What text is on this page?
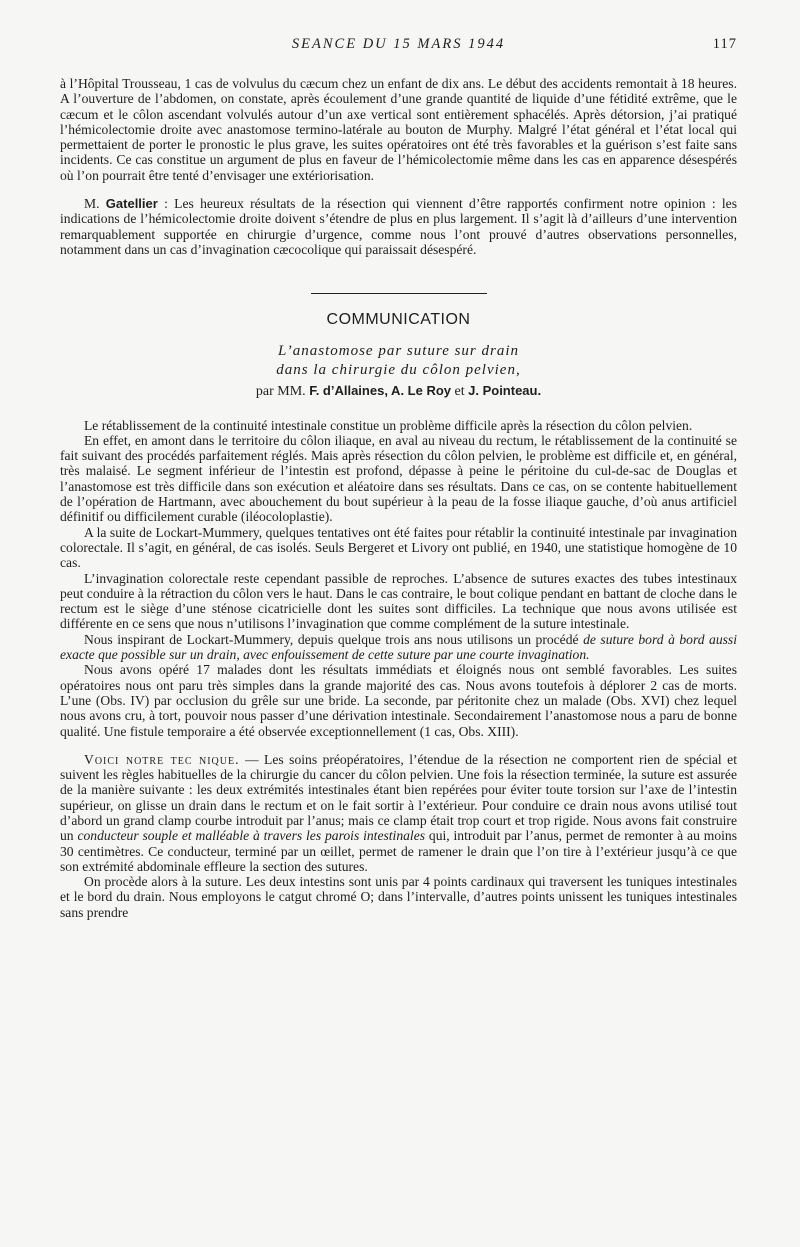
SEANCE DU 15 MARS 1944	117

à l’Hôpital Trousseau, 1 cas de volvulus du cæcum chez un enfant de dix ans. Le début des accidents remontait à 18 heures. A l’ouverture de l’abdomen, on constate, après écoulement d’une grande quantité de liquide d’une fétidité extrême, que le cæcum et le côlon ascendant volvulés autour d’un axe vertical sont entièrement sphacélés. Après détorsion, j’ai pratiqué l’hémicolectomie droite avec anastomose termino-latérale au bouton de Murphy. Malgré l’état général et l’état local qui permettaient de porter le pronostic le plus grave, les suites opératoires ont été très favorables et la guérison s’est faite sans incidents. Ce cas constitue un argument de plus en faveur de l’hémicolectomie même dans les cas en apparence désespérés où l’on pourrait être tenté d’envisager une extériorisation.

M. Gatellier : Les heureux résultats de la résection qui viennent d’être rapportés confirment notre opinion : les indications de l’hémicolectomie droite doivent s’étendre de plus en plus largement. Il s’agit là d’ailleurs d’une intervention remarquablement supportée en chirurgie d’urgence, comme nous l’ont prouvé d’autres observations personnelles, notamment dans un cas d’invagination cæcocolique qui paraissait désespéré.

COMMUNICATION
L’anastomose par suture sur drain
dans la chirurgie du côlon pelvien,
par MM. F. d’Allaines, A. Le Roy et J. Pointeau.

Le rétablissement de la continuité intestinale constitue un problème difficile après la résection du côlon pelvien.

En effet, en amont dans le territoire du côlon iliaque, en aval au niveau du rectum, le rétablissement de la continuité se fait suivant des procédés parfaitement réglés. Mais après résection du côlon pelvien, le problème est difficile et, en général, très malaisé. Le segment inférieur de l’intestin est profond, dépasse à peine le péritoine du cul-de-sac de Douglas et l’anastomose est très difficile dans son exécution et aléatoire dans ses résultats. Dans ce cas, on se contente habituellement de l’opération de Hartmann, avec abouchement du bout supérieur à la peau de la fosse iliaque gauche, d’où anus artificiel définitif ou difficilement curable (iléocoloplastie).

A la suite de Lockart-Mummery, quelques tentatives ont été faites pour rétablir la continuité intestinale par invagination colorectale. Il s’agit, en général, de cas isolés. Seuls Bergeret et Livory ont publié, en 1940, une statistique homogène de 10 cas.

L’invagination colorectale reste cependant passible de reproches. L’absence de sutures exactes des tubes intestinaux peut conduire à la rétraction du côlon vers le haut. Dans le cas contraire, le bout colique pendant en battant de cloche dans le rectum est le siège d’une sténose cicatricielle dont les suites sont difficiles. La technique que nous avons utilisée est différente en ce sens que nous n’utilisons l’invagination que comme complément de la suture intestinale.

Nous inspirant de Lockart-Mummery, depuis quelque trois ans nous utilisons un procédé de suture bord à bord aussi exacte que possible sur un drain, avec enfouissement de cette suture par une courte invagination.

Nous avons opéré 17 malades dont les résultats immédiats et éloignés nous ont semblé favorables. Les suites opératoires nous ont paru très simples dans la grande majorité des cas. Nous avons toutefois à déplorer 2 cas de morts. L’une (Obs. IV) par occlusion du grêle sur une bride. La seconde, par péritonite chez un malade (Obs. XVI) chez lequel nous avons cru, à tort, pouvoir nous passer d’une dérivation intestinale. Secondairement l’anastomose nous a paru de bonne qualité. Une fistule temporaire a été observée exceptionnellement (1 cas, Obs. XIII).

Voici notre tec nique. — Les soins préopératoires, l’étendue de la résection ne comportent rien de spécial et suivent les règles habituelles de la chirurgie du cancer du côlon pelvien. Une fois la résection terminée, la suture est assurée de la manière suivante : les deux extrémités intestinales étant bien repérées pour éviter toute torsion sur l’axe de l’intestin supérieur, on glisse un drain dans le rectum et on le fait sortir à l’extérieur. Pour conduire ce drain nous avons utilisé tout d’abord un grand clamp courbe introduit par l’anus; mais ce clamp était trop court et trop rigide. Nous avons fait construire un conducteur souple et malléable à travers les parois intestinales qui, introduit par l’anus, permet de remonter à au moins 30 centimètres. Ce conducteur, terminé par un œillet, permet de ramener le drain que l’on tire à l’extérieur jusqu’à ce que son extrémité abdominale effleure la section des sutures.

On procède alors à la suture. Les deux intestins sont unis par 4 points cardinaux qui traversent les tuniques intestinales et le bord du drain. Nous employons le catgut chromé O; dans l’intervalle, d’autres points unissent les tuniques intestinales sans prendre
